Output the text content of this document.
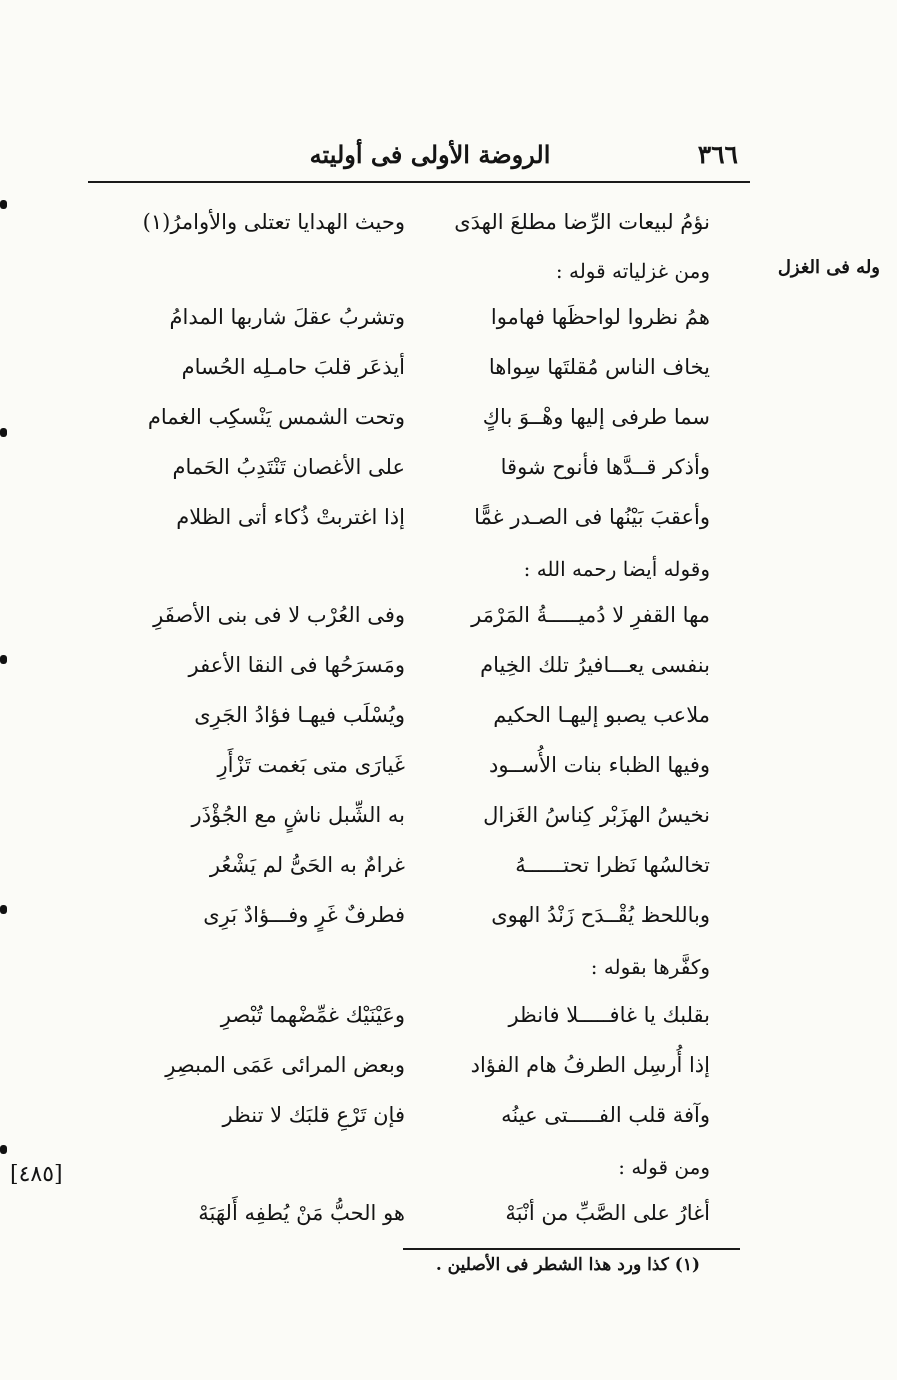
٣٦٦
الروضة الأولى فى أوليته
وله فى الغزل
نؤمُ لبيعات الرِّضا مطلعَ الهدَى
وحيث الهدايا تعتلى والأوامرُ(١)
ومن غزلياته قوله :
همُ نظروا لواحظَها فهاموا
وتشربُ عقلَ شاربها المدامُ
يخاف الناس مُقلتَها سِواها
أيذعَر قلبَ حامـلِه الحُسام
سما طرفى إليها وهْــوَ باكٍ
وتحت الشمس يَنْسكِب الغمام
وأذكر قــدَّها فأنوح شوقا
على الأغصان تَنْتَدِبُ الحَمام
وأعقبَ بَيْنُها فى الصـدر غمًّا
إذا اغتربتْ ذُكاء أتى الظلام
وقوله أيضا رحمه الله :
مها القفرِ لا دُميـــــةُ المَرْمَر
وفى العُرْب لا فى بنى الأصفَرِ
بنفسى يعـــافيرُ تلك الخِيام
ومَسرَحُها فى النقا الأعفر
ملاعب يصبو إليهـا الحكيم
ويُسْلَب فيهـا فؤادُ الجَرِى
وفيها الظباء بنات الأُســود
غَيارَى متى بَغمت تَزْأَرِ
نخيسُ الهزَبْر كِناسُ الغَزال
به الشِّبل ناشٍ مع الجُؤْذَر
تخالسُها نَظرا تحتــــــهُ
غرامٌ به الحَىُّ لم يَشْعُر
وباللحظ يُقْــدَح زَنْدُ الهوى
فطرفٌ غَرٍ وفـــؤادٌ بَرِى
وكفَّرها بقوله :
بقلبك يا غافـــــلا فانظر
وعَيْنَيْك غمِّضْهما تُبْصرِ
إذا أُرسِل الطرفُ هام الفؤاد
وبعض المرائى عَمَى المبصِرِ
وآفة قلب الفـــــتى عينُه
فإن تَرْعِ قلبَك لا تنظر
ومن قوله :
أغارُ على الصَّبِّ من أنْبَهْ
هو الحبُّ مَنْ يُطفِه أَلهَبَهْ
[٤٨٥]
(١) كذا ورد هذا الشطر فى الأصلين .
